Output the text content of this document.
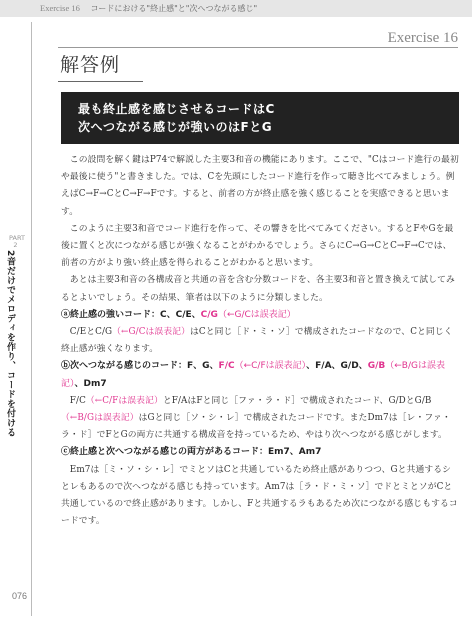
Exercise 16 コードにおける"終止感"と"次へつながる感じ"
PART 2
2音だけでメロディを作り、コードを付ける
076
Exercise 16
解答例
最も終止感を感じさせるコードはC
次へつながる感じが強いのはFとG
この設問を解く鍵はP74で解説した主要3和音の機能にあります。ここで、"Cはコード進行の最初や最後に使う"と書きました。では、Cを先頭にしたコード進行を作って聴き比べてみましょう。例えばC→F→CとC→F→Fです。すると、前者の方が終止感を強く感じることを実感できると思います。
このように主要3和音でコード進行を作って、その響きを比べてみてください。するとFやGを最後に置くと次につながる感じが強くなることがわかるでしょう。さらにC→G→CとC→F→Cでは、前者の方がより強い終止感を得られることがわかると思います。
あとは主要3和音の各構成音と共通の音を含む分数コードを、各主要3和音と置き換えて試してみるとよいでしょう。その結果、筆者は以下のように分類しました。
ⓐ終止感の強いコード：C、C/E、C/G（←G/Cは誤表記）
C/EとC/G（←G/Cは誤表記）はCと同じ［ド・ミ・ソ］で構成されたコードなので、Cと同じく終止感が強くなります。
ⓑ次へつながる感じのコード：F、G、F/C（←C/Fは誤表記）、F/A、G/D、G/B（←B/Gは誤表記）、Dm7
F/C（←C/Fは誤表記）とF/AはFと同じ［ファ・ラ・ド］で構成されたコード、G/DとG/B（←B/Gは誤表記）はGと同じ［ソ・シ・レ］で構成されたコードです。またDm7は［レ・ファ・ラ・ド］でFとGの両方に共通する構成音を持っているため、やはり次へつながる感じがします。
ⓒ終止感と次へつながる感じの両方があるコード：Em7、Am7
Em7は［ミ・ソ・シ・レ］でミとソはCと共通しているため終止感がありつつ、Gと共通するシとレもあるので次へつながる感じも持っています。Am7は［ラ・ド・ミ・ソ］でドとミとソがCと共通しているので終止感があります。しかし、Fと共通するラもあるため次につながる感じもするコードです。
